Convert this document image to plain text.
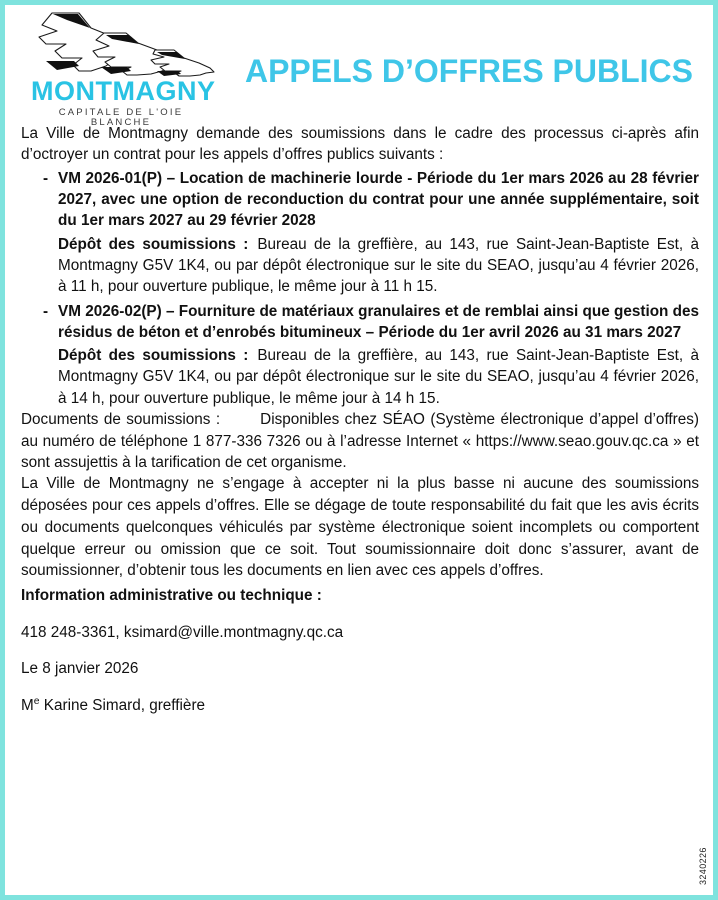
MONTMAGNY
CAPITALE DE L'OIE BLANCHE
APPELS D’OFFRES PUBLICS

La Ville de Montmagny demande des soumissions dans le cadre des processus ci-après afin d’octroyer un contrat pour les appels d’offres publics suivants :

- VM 2026-01(P) – Location de machinerie lourde - Période du 1er mars 2026 au 28 février 2027, avec une option de reconduction du contrat pour une année supplémentaire, soit du 1er mars 2027 au 29 février 2028

Dépôt des soumissions : Bureau de la greffière, au 143, rue Saint-Jean-Baptiste Est, à Montmagny G5V 1K4, ou par dépôt électronique sur le site du SEAO, jusqu’au 4 février 2026, à 11 h, pour ouverture publique, le même jour à 11 h 15.

- VM 2026-02(P) – Fourniture de matériaux granulaires et de remblai ainsi que gestion des résidus de béton et d’enrobés bitumineux – Période du 1er avril 2026 au 31 mars 2027

Dépôt des soumissions : Bureau de la greffière, au 143, rue Saint-Jean-Baptiste Est, à Montmagny G5V 1K4, ou par dépôt électronique sur le site du SEAO, jusqu’au 4 février 2026, à 14 h, pour ouverture publique, le même jour à 14 h 15.

Documents de soumissions :	Disponibles chez SÉAO (Système électronique d’appel d’offres) au numéro de téléphone 1 877-336 7326 ou à l’adresse Internet « https://www.seao.gouv.qc.ca » et sont assujettis à la tarification de cet organisme.

La Ville de Montmagny ne s’engage à accepter ni la plus basse ni aucune des soumissions déposées pour ces appels d’offres. Elle se dégage de toute responsabilité du fait que les avis écrits ou documents quelconques véhiculés par système électronique soient incomplets ou comportent quelque erreur ou omission que ce soit. Tout soumissionnaire doit donc s’assurer, avant de soumissionner, d’obtenir tous les documents en lien avec ces appels d’offres.

Information administrative ou technique :

418 248-3361, ksimard@ville.montmagny.qc.ca

Le 8 janvier 2026

Me Karine Simard, greffière

3240226
